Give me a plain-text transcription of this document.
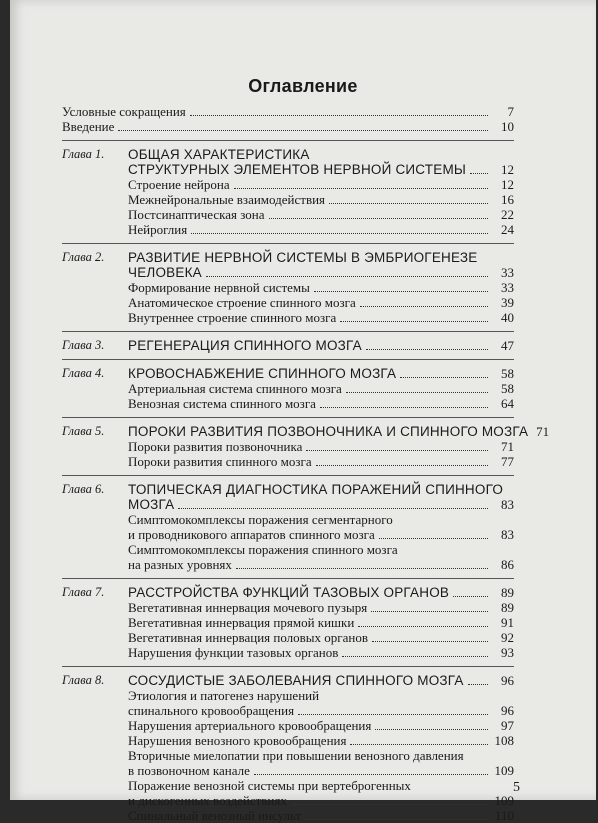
Оглавление
Условные сокращения	7
Введение	10
Глава 1.	ОБЩАЯ ХАРАКТЕРИСТИКА
СТРУКТУРНЫХ ЭЛЕМЕНТОВ НЕРВНОЙ СИСТЕМЫ	12
Строение нейрона	12
Межнейрональные взаимодействия	16
Постсинаптическая зона	22
Нейроглия	24
Глава 2.	РАЗВИТИЕ НЕРВНОЙ СИСТЕМЫ В ЭМБРИОГЕНЕЗЕ
ЧЕЛОВЕКА	33
Формирование нервной системы	33
Анатомическое строение спинного мозга	39
Внутреннее строение спинного мозга	40
Глава 3.	РЕГЕНЕРАЦИЯ СПИННОГО МОЗГА	47
Глава 4.	КРОВОСНАБЖЕНИЕ СПИННОГО МОЗГА	58
Артериальная система спинного мозга	58
Венозная система спинного мозга	64
Глава 5.	ПОРОКИ РАЗВИТИЯ ПОЗВОНОЧНИКА И СПИННОГО МОЗГА 71
Пороки развития позвоночника	71
Пороки развития спинного мозга	77
Глава 6.	ТОПИЧЕСКАЯ ДИАГНОСТИКА ПОРАЖЕНИЙ СПИННОГО
МОЗГА	83
Симптомокомплексы поражения сегментарного
и проводникового аппаратов спинного мозга	83
Симптомокомплексы поражения спинного мозга
на разных уровнях	86
Глава 7.	РАССТРОЙСТВА ФУНКЦИЙ ТАЗОВЫХ ОРГАНОВ	89
Вегетативная иннервация мочевого пузыря	89
Вегетативная иннервация прямой кишки	91
Вегетативная иннервация половых органов	92
Нарушения функции тазовых органов	93
Глава 8.	СОСУДИСТЫЕ ЗАБОЛЕВАНИЯ СПИННОГО МОЗГА	96
Этиология и патогенез нарушений
спинального кровообращения	96
Нарушения артериального кровообращения	97
Нарушения венозного кровообращения	108
Вторичные миелопатии при повышении венозного давления
в позвоночном канале	109
Поражение венозной системы при вертеброгенных
и дискогенных воздействиях	109
Спинальный венозный инсульт	110
5
